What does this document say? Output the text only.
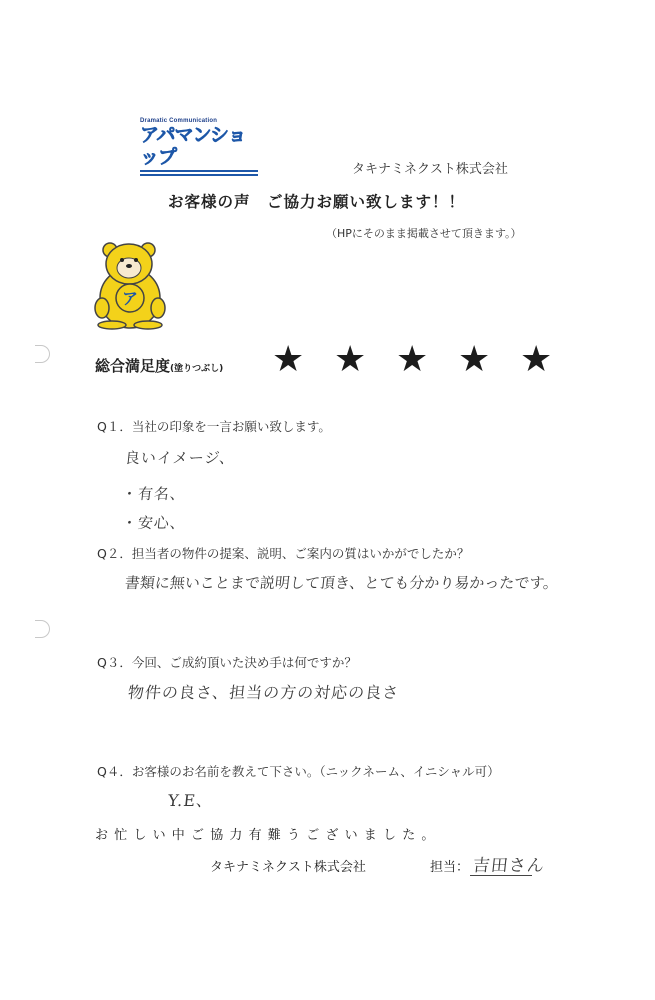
Dramatic Communication
アパマンショップ
タキナミネクスト株式会社
お客様の声　ご協力お願い致します！！
（HPにそのまま掲載させて頂きます。）
ア
総合満足度(塗りつぶし) ★ ★ ★ ★ ★
Q１．当社の印象を一言お願い致します。
良いイメージ、
・有名、
・安心、
Q２．担当者の物件の提案、説明、ご案内の質はいかがでしたか？
書類に無いことまで説明して頂き、とても分かり易かったです。
Q３．今回、ご成約頂いた決め手は何ですか？
物件の良さ、担当の方の対応の良さ
Q４．お客様のお名前を教えて下さい。（ニックネーム、イニシャル可）
Y.E、
お忙しい中ご協力有難うございました。
タキナミネクスト株式会社	担当： 吉田さん
